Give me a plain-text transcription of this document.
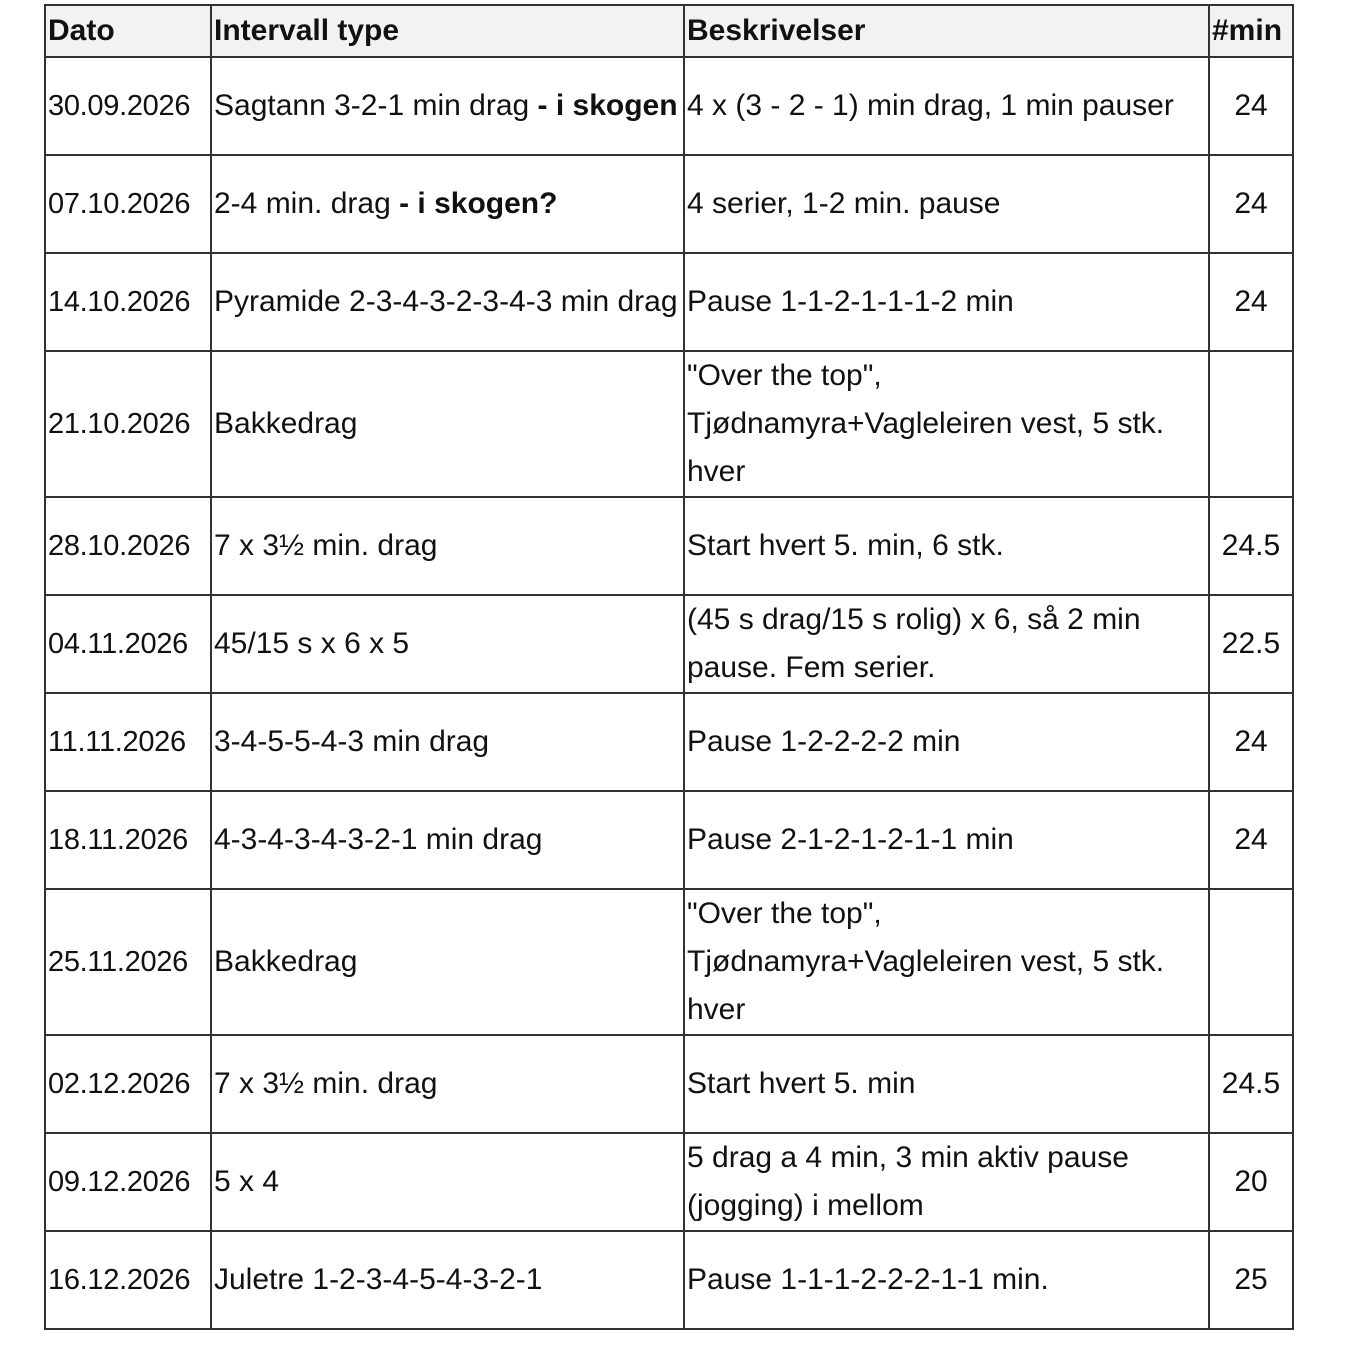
Dato	Intervall type	Beskrivelser	#min
30.09.2026	Sagtann 3-2-1 min drag - i skogen	4 x (3 - 2 - 1) min drag, 1 min pauser	24
07.10.2026	2-4 min. drag - i skogen?	4 serier, 1-2 min. pause	24
14.10.2026	Pyramide 2-3-4-3-2-3-4-3 min drag	Pause 1-1-2-1-1-1-2 min	24
21.10.2026	Bakkedrag	"Over the top", Tjødnamyra+Vagleleiren vest, 5 stk. hver	
28.10.2026	7 x 3½ min. drag	Start hvert 5. min, 6 stk.	24.5
04.11.2026	45/15 s x 6 x 5	(45 s drag/15 s rolig) x 6, så 2 min pause. Fem serier.	22.5
11.11.2026	3-4-5-5-4-3 min drag	Pause 1-2-2-2-2 min	24
18.11.2026	4-3-4-3-4-3-2-1 min drag	Pause 2-1-2-1-2-1-1 min	24
25.11.2026	Bakkedrag	"Over the top", Tjødnamyra+Vagleleiren vest, 5 stk. hver	
02.12.2026	7 x 3½ min. drag	Start hvert 5. min	24.5
09.12.2026	5 x 4	5 drag a 4 min, 3 min aktiv pause (jogging) i mellom	20
16.12.2026	Juletre 1-2-3-4-5-4-3-2-1	Pause 1-1-1-2-2-2-1-1 min.	25
